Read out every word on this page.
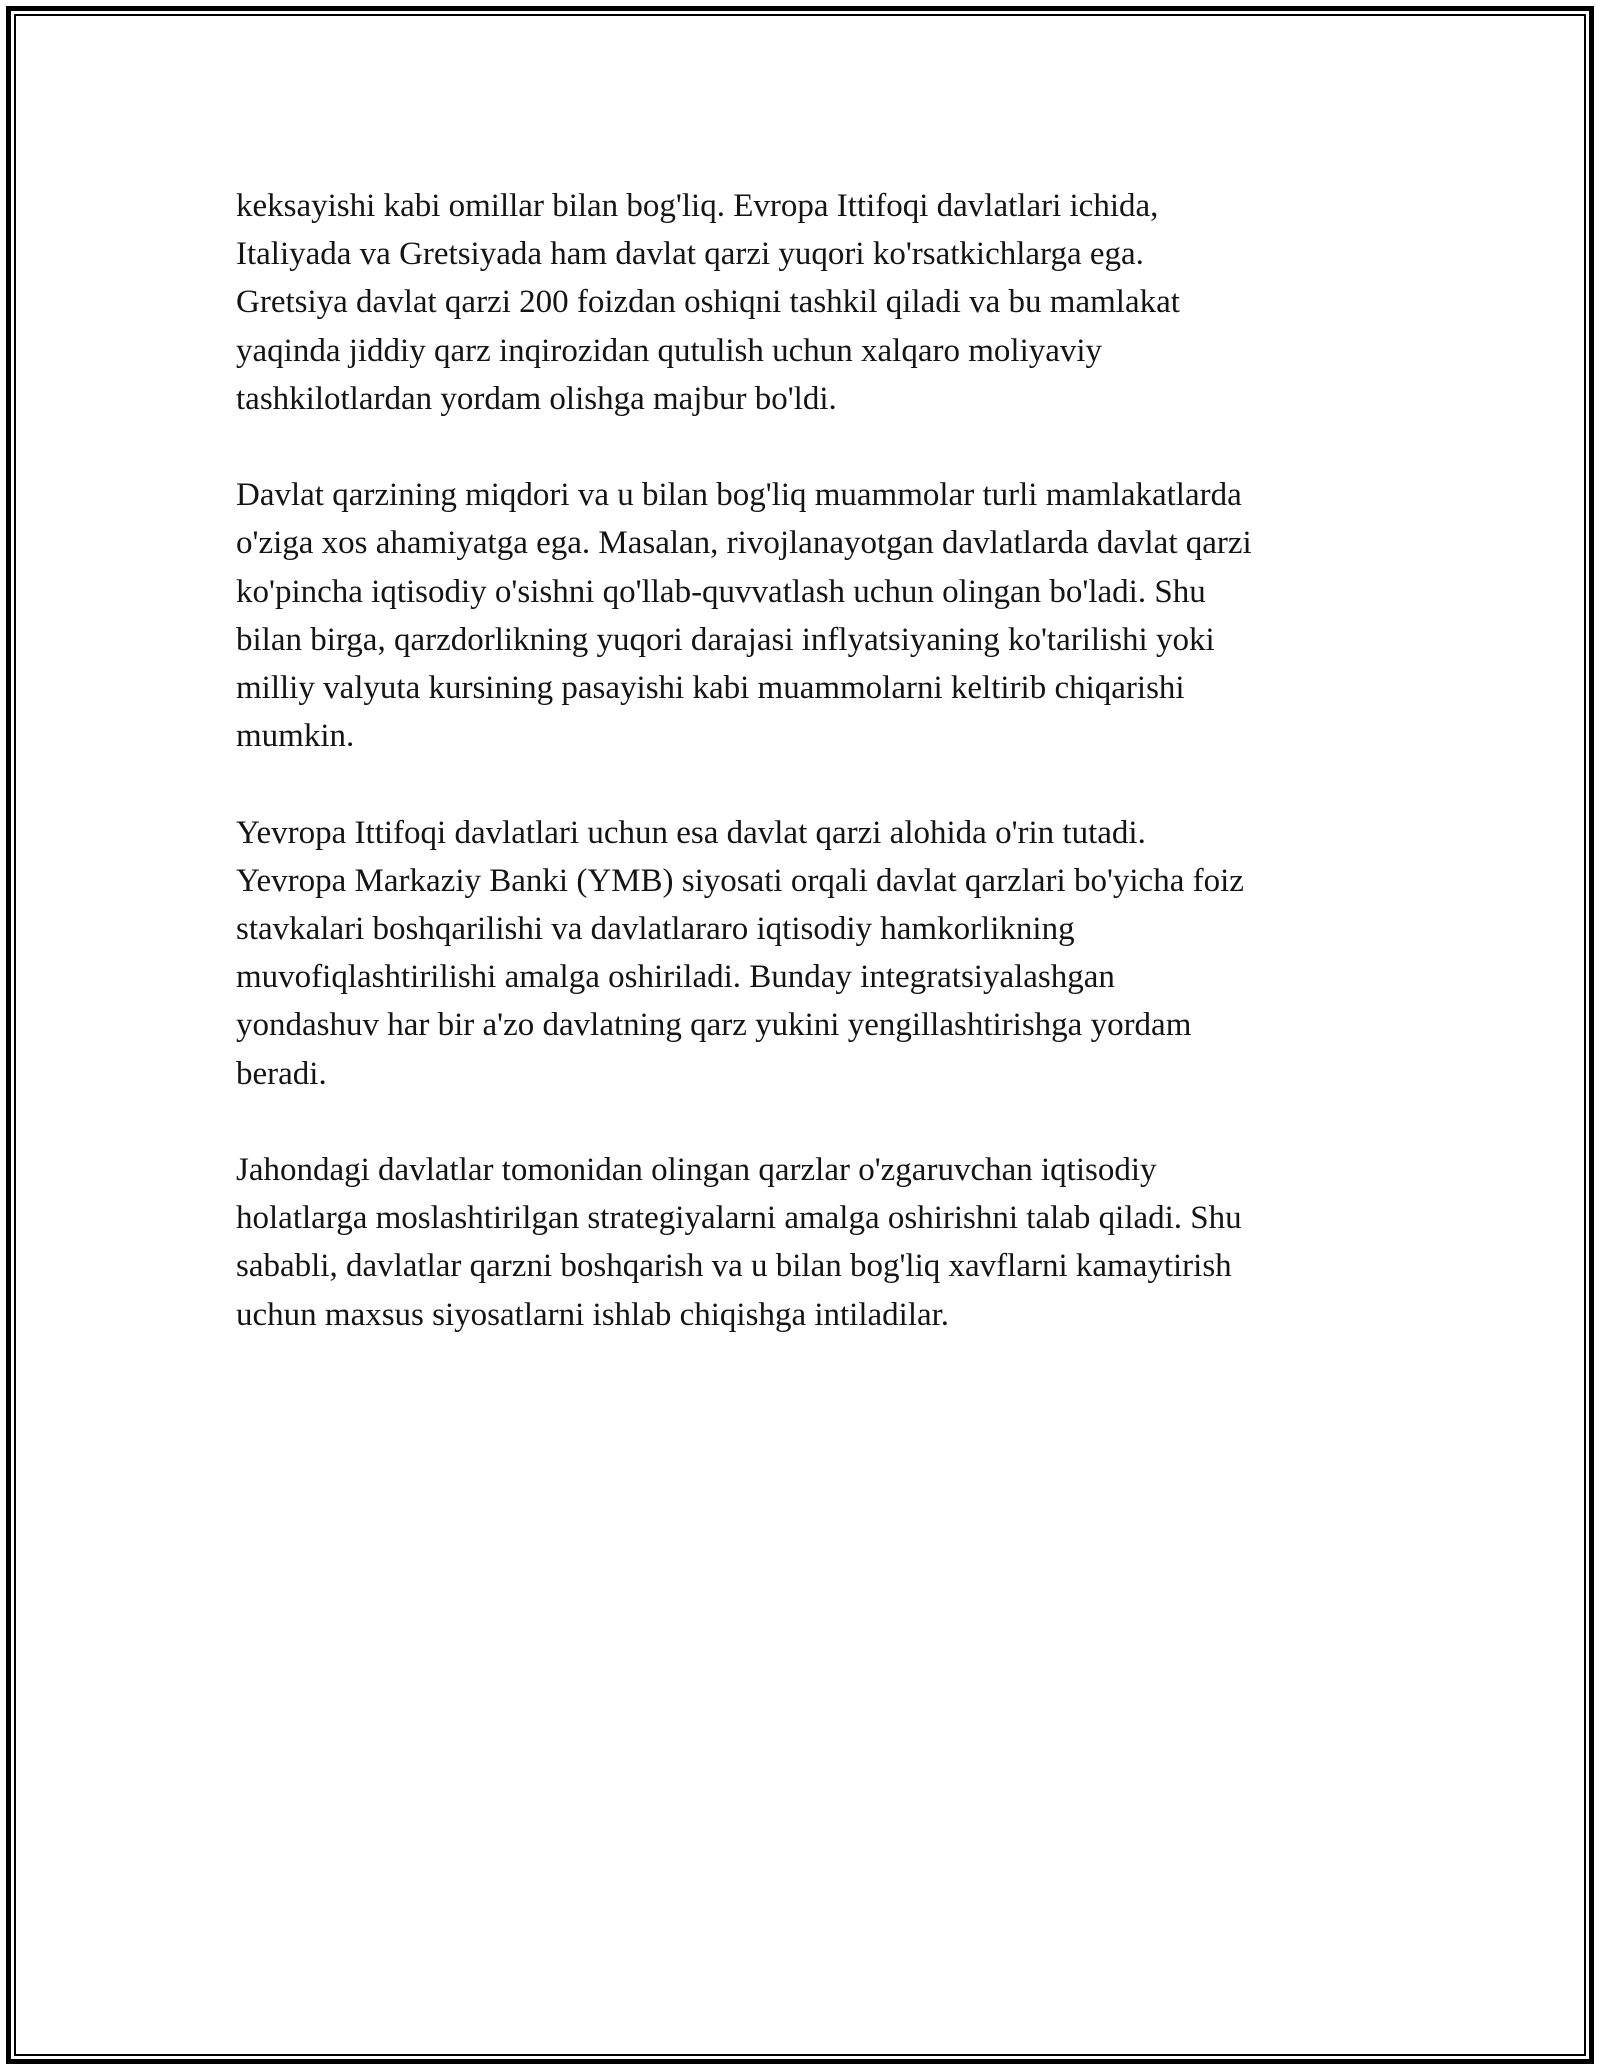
keksayishi kabi omillar bilan bog'liq. Evropa Ittifoqi davlatlari ichida,
Italiyada va Gretsiyada ham davlat qarzi yuqori ko'rsatkichlarga ega.
Gretsiya davlat qarzi 200 foizdan oshiqni tashkil qiladi va bu mamlakat
yaqinda jiddiy qarz inqirozidan qutulish uchun xalqaro moliyaviy
tashkilotlardan yordam olishga majbur bo'ldi.

Davlat qarzining miqdori va u bilan bog'liq muammolar turli mamlakatlarda
o'ziga xos ahamiyatga ega. Masalan, rivojlanayotgan davlatlarda davlat qarzi
ko'pincha iqtisodiy o'sishni qo'llab-quvvatlash uchun olingan bo'ladi. Shu
bilan birga, qarzdorlikning yuqori darajasi inflyatsiyaning ko'tarilishi yoki
milliy valyuta kursining pasayishi kabi muammolarni keltirib chiqarishi
mumkin.

Yevropa Ittifoqi davlatlari uchun esa davlat qarzi alohida o'rin tutadi.
Yevropa Markaziy Banki (YMB) siyosati orqali davlat qarzlari bo'yicha foiz
stavkalari boshqarilishi va davlatlararo iqtisodiy hamkorlikning
muvofiqlashtirilishi amalga oshiriladi. Bunday integratsiyalashgan
yondashuv har bir a'zo davlatning qarz yukini yengillashtirishga yordam
beradi.

Jahondagi davlatlar tomonidan olingan qarzlar o'zgaruvchan iqtisodiy
holatlarga moslashtirilgan strategiyalarni amalga oshirishni talab qiladi. Shu
sababli, davlatlar qarzni boshqarish va u bilan bog'liq xavflarni kamaytirish
uchun maxsus siyosatlarni ishlab chiqishga intiladilar.
